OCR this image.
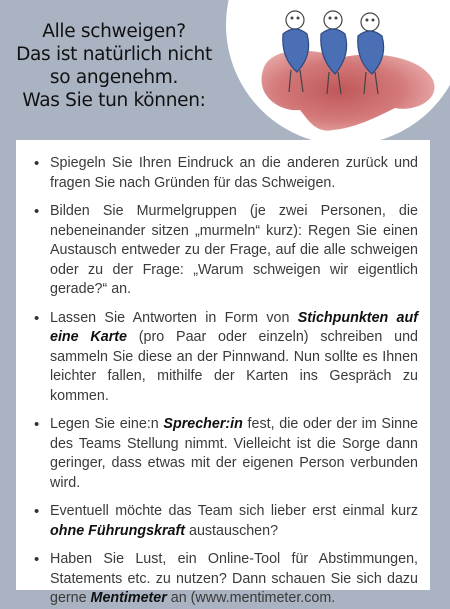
Alle schweigen?
Das ist natürlich nicht
so angenehm.
Was Sie tun können:
• Spiegeln Sie Ihren Eindruck an die anderen zurück und fragen Sie nach Gründen für das Schweigen.
• Bilden Sie Murmelgruppen (je zwei Personen, die nebeneinander sitzen „murmeln“ kurz): Regen Sie einen Austausch entweder zu der Frage, auf die alle schweigen oder zu der Frage: „Warum schweigen wir eigentlich gerade?“ an.
• Lassen Sie Antworten in Form von Stichpunkten auf eine Karte (pro Paar oder einzeln) schreiben und sammeln Sie diese an der Pinnwand. Nun sollte es Ihnen leichter fallen, mithilfe der Karten ins Gespräch zu kommen.
• Legen Sie eine:n Sprecher:in fest, die oder der im Sinne des Teams Stellung nimmt. Vielleicht ist die Sorge dann geringer, dass etwas mit der eigenen Person verbunden wird.
• Eventuell möchte das Team sich lieber erst einmal kurz ohne Führungskraft austauschen?
• Haben Sie Lust, ein Online-Tool für Abstimmungen, Statements etc. zu nutzen? Dann schauen Sie sich dazu gerne Mentimeter an (www.mentimeter.com.
